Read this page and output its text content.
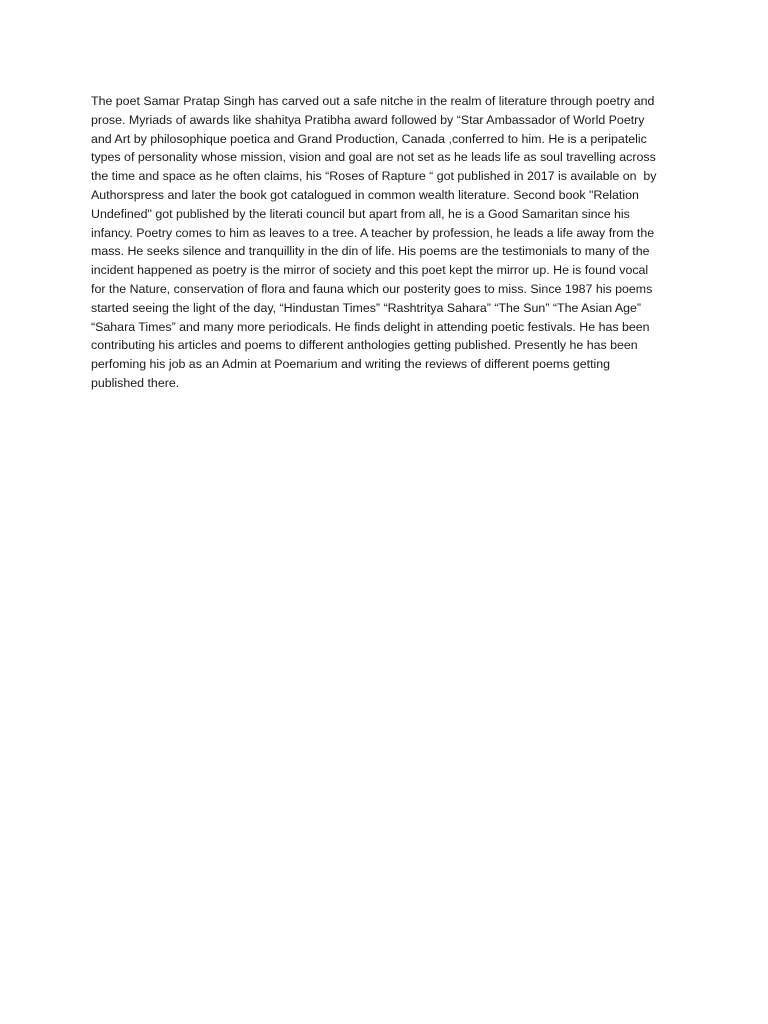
The poet Samar Pratap Singh has carved out a safe nitche in the realm of literature through poetry and
prose. Myriads of awards like shahitya Pratibha award followed by “Star Ambassador of World Poetry
and Art by philosophique poetica and Grand Production, Canada ,conferred to him. He is a peripatelic
types of personality whose mission, vision and goal are not set as he leads life as soul travelling across
the time and space as he often claims, his “Roses of Rapture “ got published in 2017 is available on  by
Authorspress and later the book got catalogued in common wealth literature. Second book "Relation
Undefined" got published by the literati council but apart from all, he is a Good Samaritan since his
infancy. Poetry comes to him as leaves to a tree. A teacher by profession, he leads a life away from the
mass. He seeks silence and tranquillity in the din of life. His poems are the testimonials to many of the
incident happened as poetry is the mirror of society and this poet kept the mirror up. He is found vocal
for the Nature, conservation of flora and fauna which our posterity goes to miss. Since 1987 his poems
started seeing the light of the day, “Hindustan Times” “Rashtritya Sahara” “The Sun” “The Asian Age”
“Sahara Times” and many more periodicals. He finds delight in attending poetic festivals. He has been
contributing his articles and poems to different anthologies getting published. Presently he has been
perfoming his job as an Admin at Poemarium and writing the reviews of different poems getting
published there.
